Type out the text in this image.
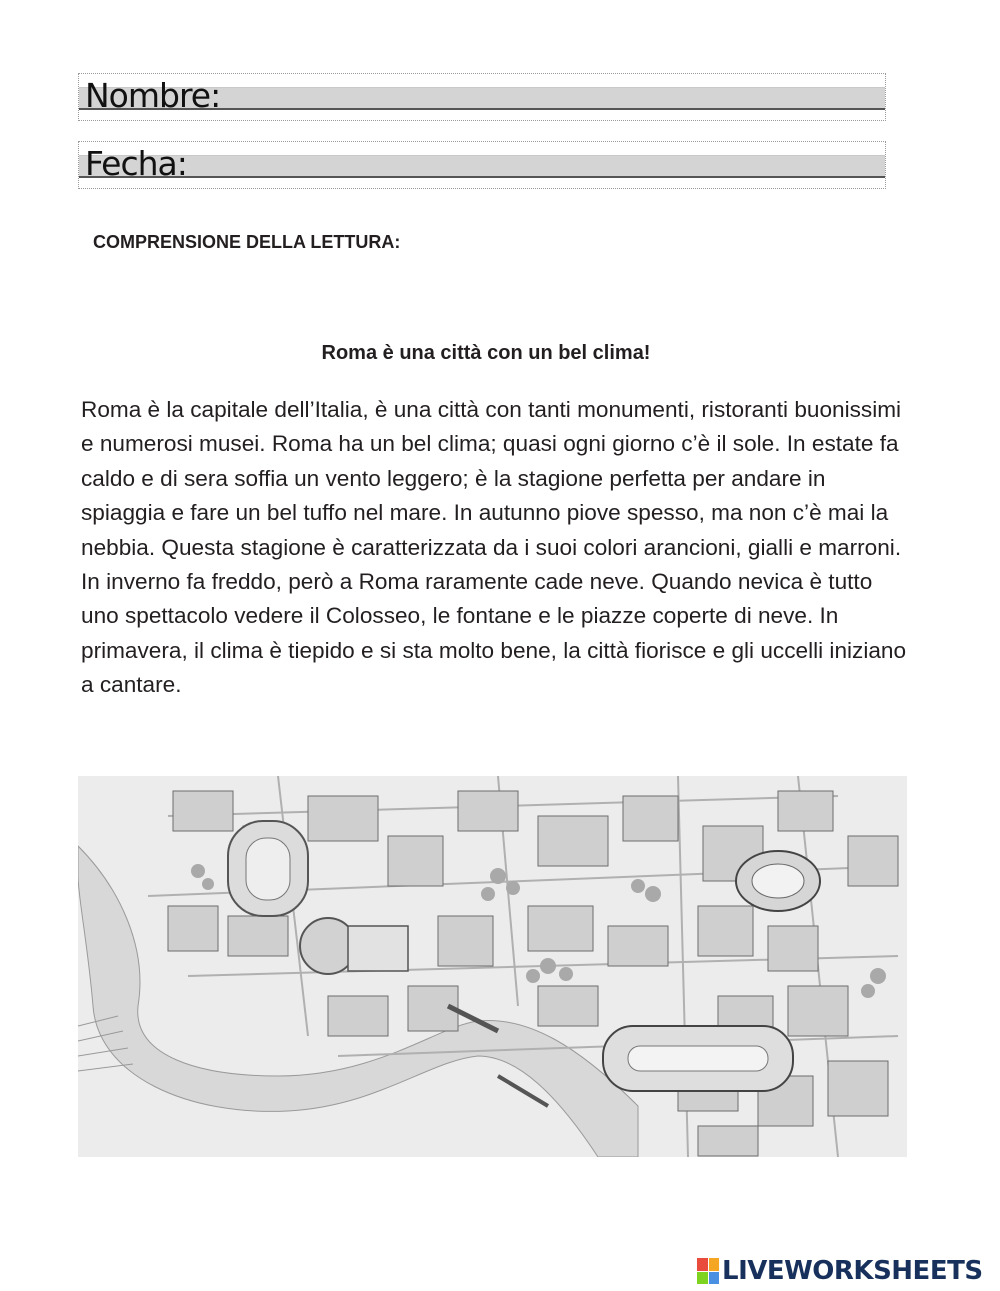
Nombre:
Fecha:
COMPRENSIONE DELLA LETTURA:
Roma è una città con un bel clima!

Roma è la capitale dell’Italia, è una città con tanti monumenti, ristoranti buonissimi e numerosi musei. Roma ha un bel clima; quasi ogni giorno c’è il sole. In estate fa caldo e di sera soffia un vento leggero; è la stagione perfetta per andare in spiaggia e fare un bel tuffo nel mare. In autunno piove spesso, ma non c’è mai la nebbia. Questa stagione è caratterizzata da i suoi colori arancioni, gialli e marroni. In inverno fa freddo, però a Roma raramente cade neve. Quando nevica è tutto uno spettacolo vedere il Colosseo, le fontane e le piazze coperte di neve. In primavera, il clima è tiepido e si sta molto bene, la città fiorisce e gli uccelli iniziano a cantare.

LIVEWORKSHEETS
